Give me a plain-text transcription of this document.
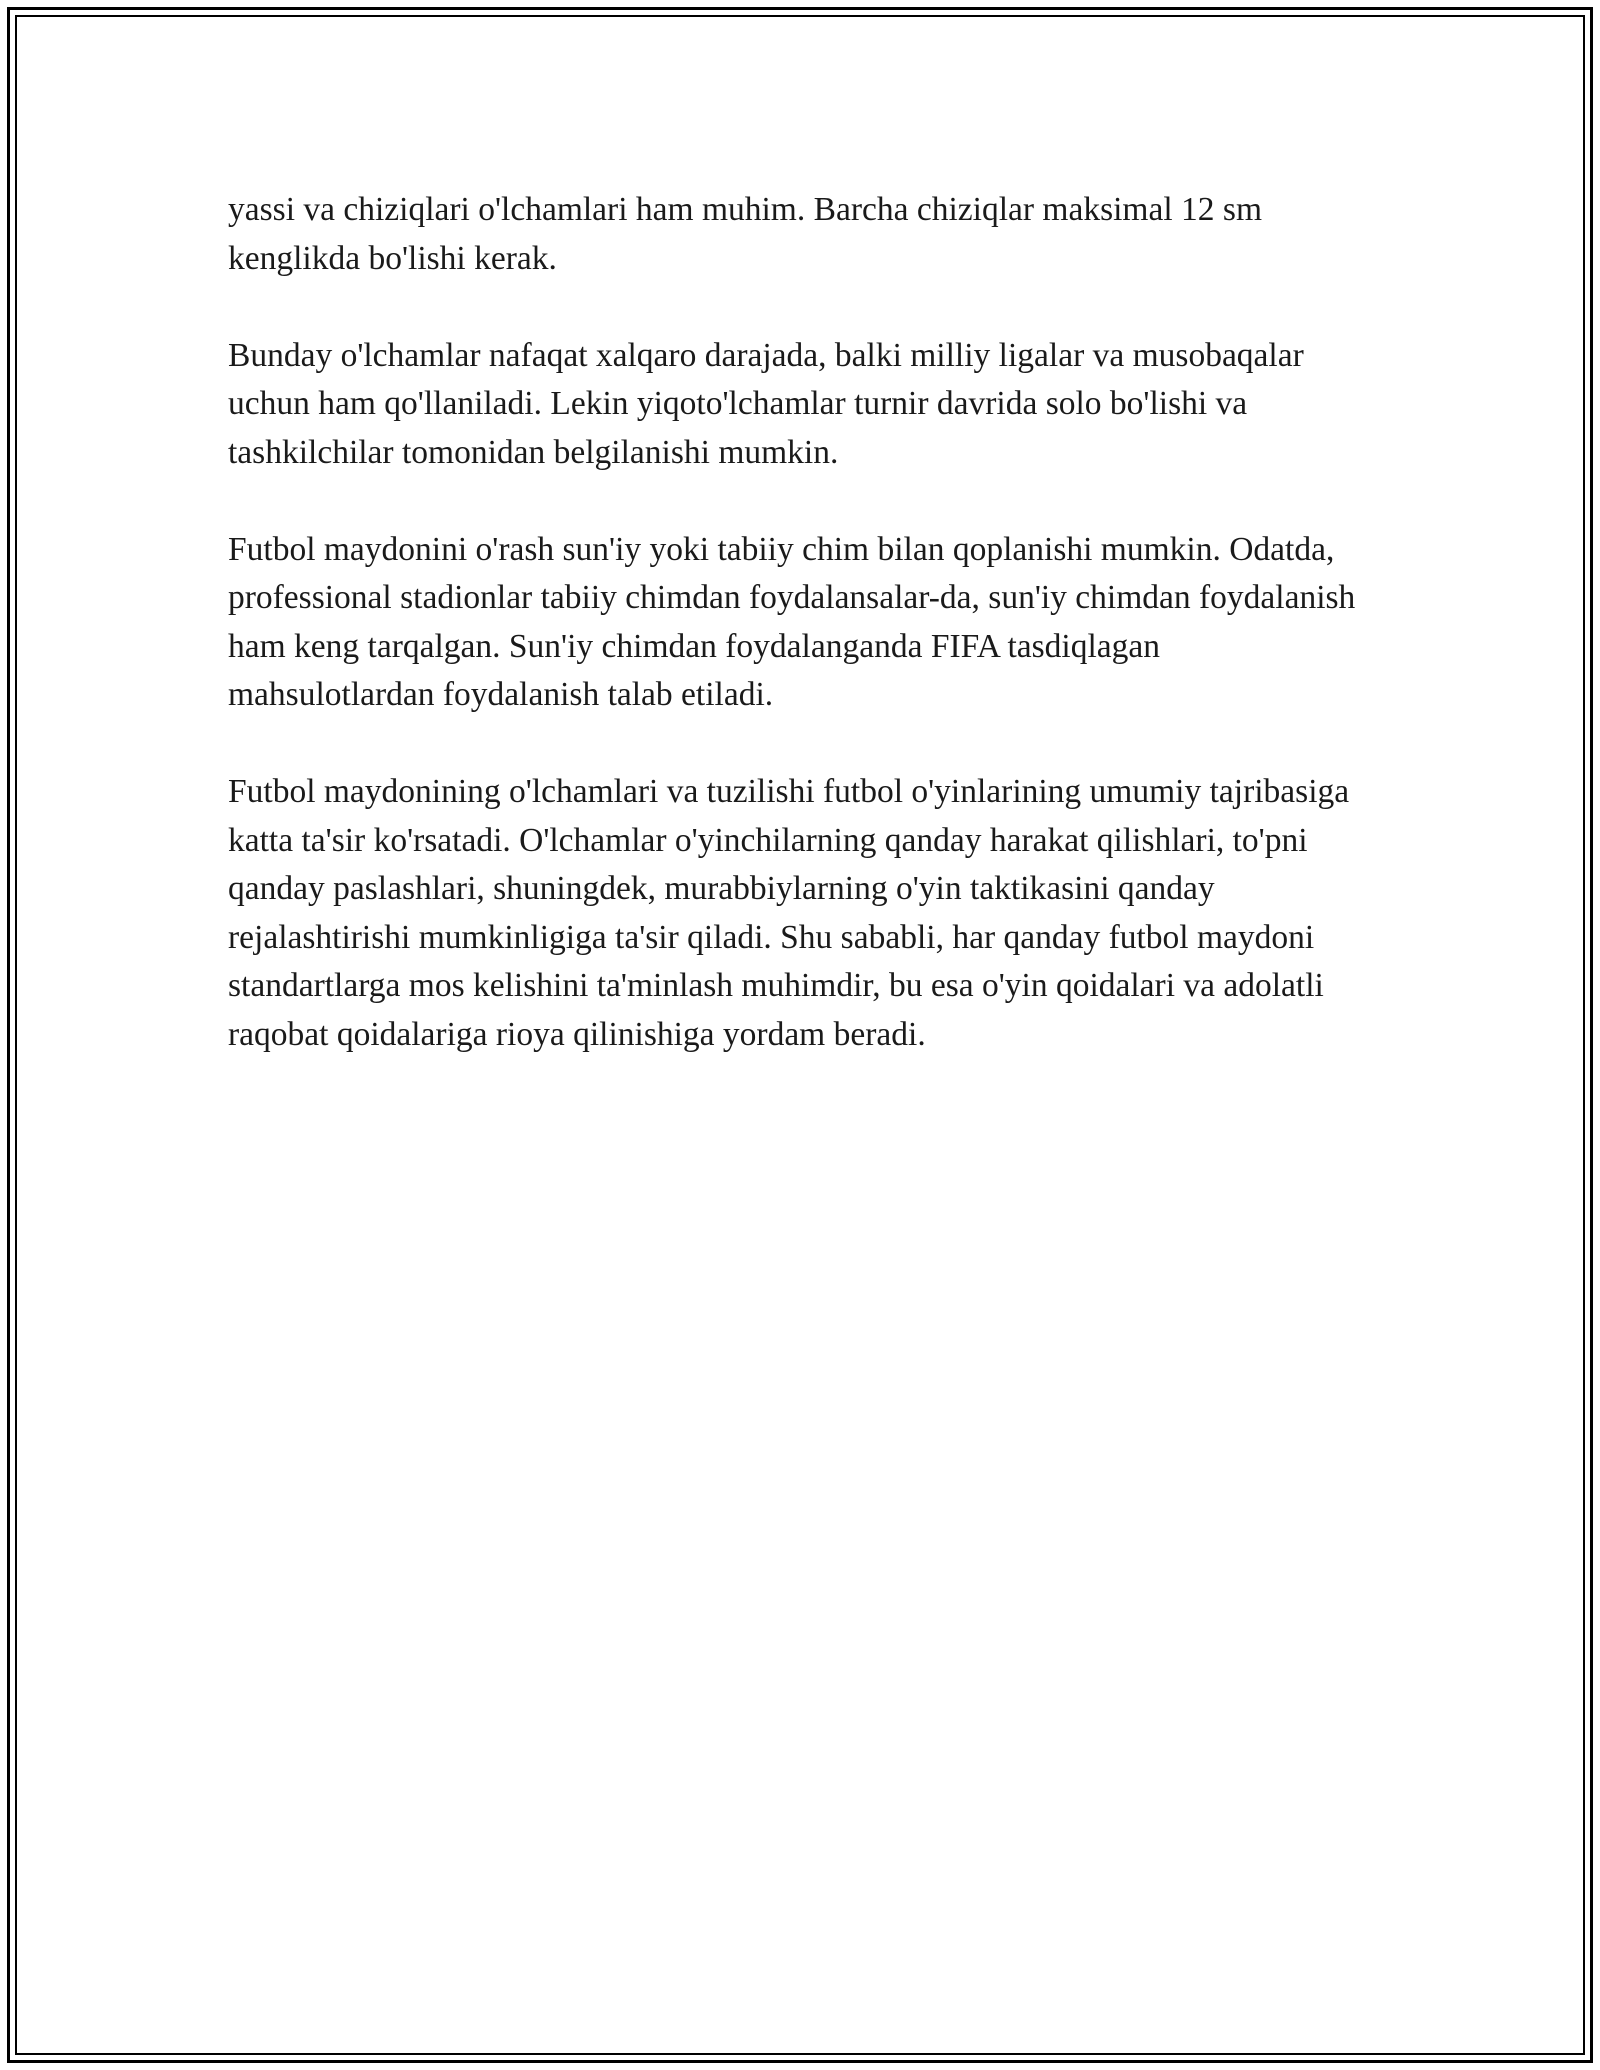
yassi va chiziqlari o'lchamlari ham muhim. Barcha chiziqlar maksimal 12 sm kenglikda bo'lishi kerak.

Bunday o'lchamlar nafaqat xalqaro darajada, balki milliy ligalar va musobaqalar uchun ham qo'llaniladi. Lekin yiqoto'lchamlar turnir davrida solo bo'lishi va tashkilchilar tomonidan belgilanishi mumkin.

Futbol maydonini o'rash sun'iy yoki tabiiy chim bilan qoplanishi mumkin. Odatda, professional stadionlar tabiiy chimdan foydalansalar-da, sun'iy chimdan foydalanish ham keng tarqalgan. Sun'iy chimdan foydalanganda FIFA tasdiqlagan mahsulotlardan foydalanish talab etiladi.

Futbol maydonining o'lchamlari va tuzilishi futbol o'yinlarining umumiy tajribasiga katta ta'sir ko'rsatadi. O'lchamlar o'yinchilarning qanday harakat qilishlari, to'pni qanday paslashlari, shuningdek, murabbiylarning o'yin taktikasini qanday rejalashtirishi mumkinligiga ta'sir qiladi. Shu sababli, har qanday futbol maydoni standartlarga mos kelishini ta'minlash muhimdir, bu esa o'yin qoidalari va adolatli raqobat qoidalariga rioya qilinishiga yordam beradi.
